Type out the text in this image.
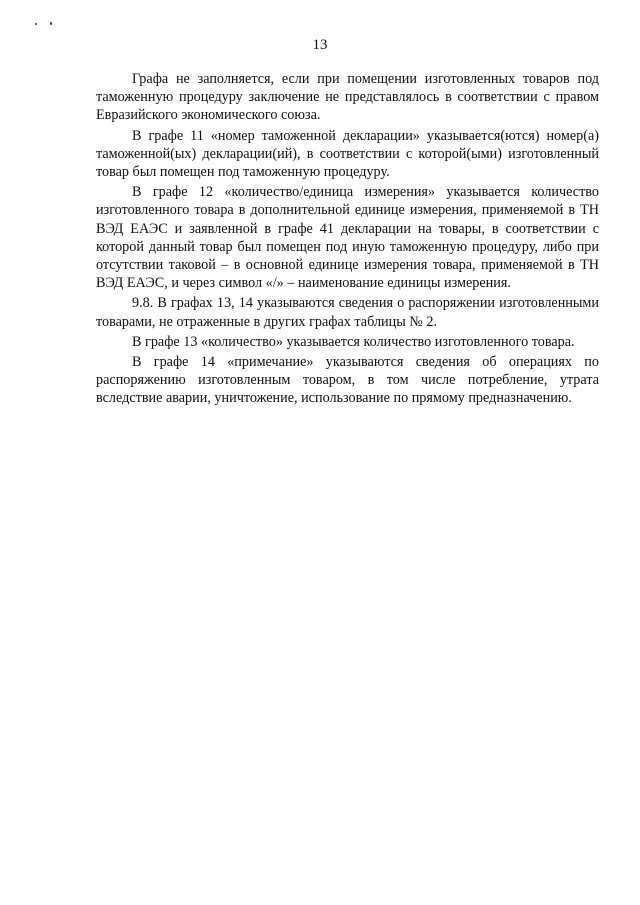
13

Графа не заполняется, если при помещении изготовленных товаров под таможенную процедуру заключение не представлялось в соответствии с правом Евразийского экономического союза.

В графе 11 «номер таможенной декларации» указывается(ются) номер(а) таможенной(ых) декларации(ий), в соответствии с которой(ыми) изготовленный товар был помещен под таможенную процедуру.

В графе 12 «количество/единица измерения» указывается количество изготовленного товара в дополнительной единице измерения, применяемой в ТН ВЭД ЕАЭС и заявленной в графе 41 декларации на товары, в соответствии с которой данный товар был помещен под иную таможенную процедуру, либо при отсутствии таковой – в основной единице измерения товара, применяемой в ТН ВЭД ЕАЭС, и через символ «/» – наименование единицы измерения.

9.8. В графах 13, 14 указываются сведения о распоряжении изготовленными товарами, не отраженные в других графах таблицы № 2.

В графе 13 «количество» указывается количество изготовленного товара.

В графе 14 «примечание» указываются сведения об операциях по распоряжению изготовленным товаром, в том числе потребление, утрата вследствие аварии, уничтожение, использование по прямому предназначению.
